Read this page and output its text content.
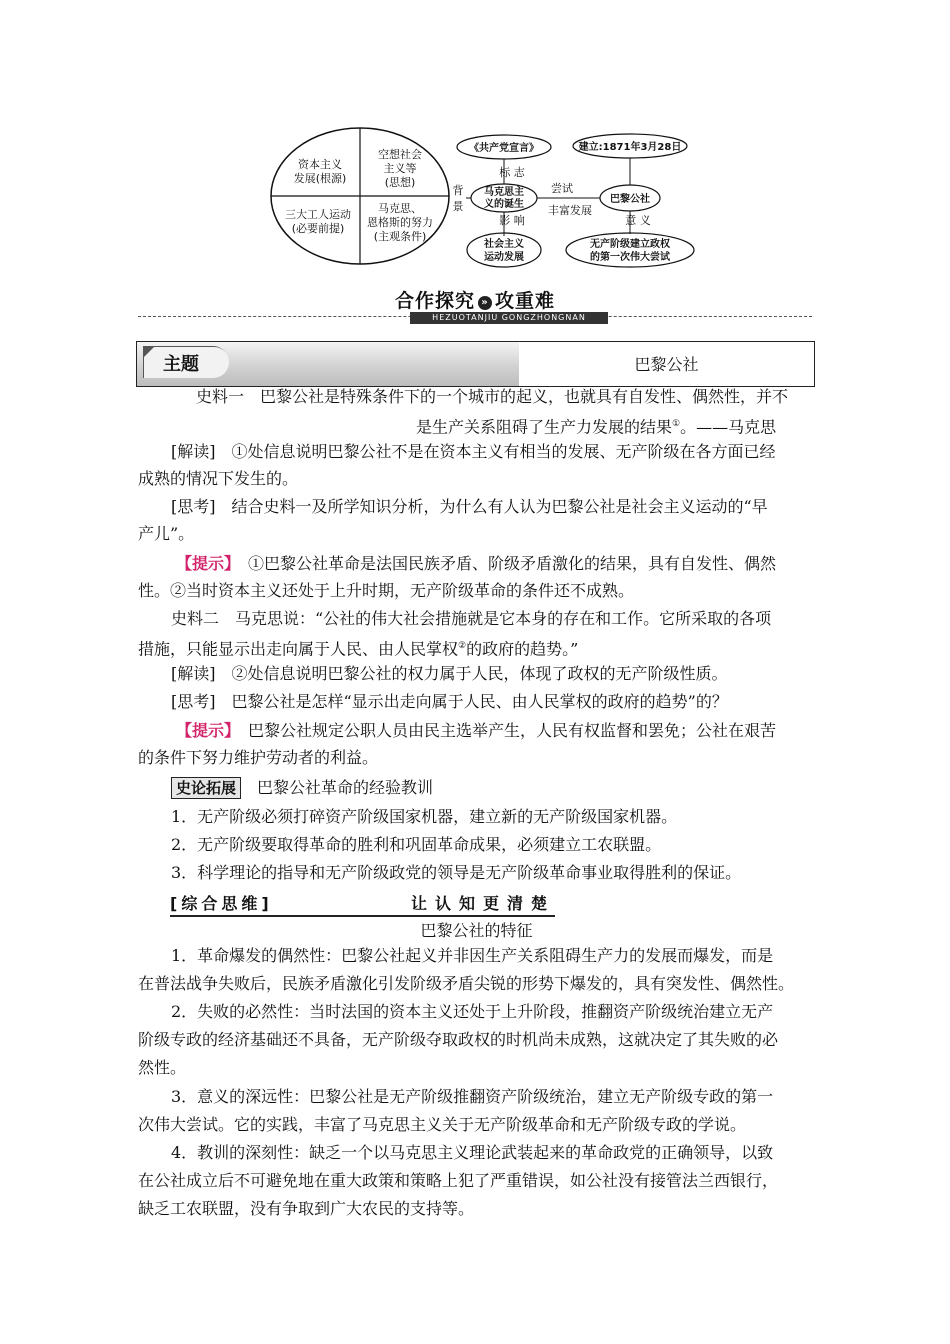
资本主义
发展(根源)
空想社会
主义等
(思想)
三大工人运动
(必要前提)
马克思、
恩格斯的努力
(主观条件)
背
景
《共产党宣言》
标 志
马克思主
义的诞生
影 响
社会主义
运动发展
尝试
丰富发展
巴黎公社
建立:1871年3月28日
意 义
无产阶级建立政权
的第一次伟大尝试
合作探究 » 攻重难
HEZUOTANJIU GONGZHONGNAN
主题	巴黎公社
史料一　巴黎公社是特殊条件下的一个城市的起义，也就具有自发性、偶然性，并不
是生产关系阻碍了生产力发展的结果①。——马克思
[解读]　①处信息说明巴黎公社不是在资本主义有相当的发展、无产阶级在各方面已经
成熟的情况下发生的。
[思考]　结合史料一及所学知识分析，为什么有人认为巴黎公社是社会主义运动的“早
产儿”。
【提示】　①巴黎公社革命是法国民族矛盾、阶级矛盾激化的结果，具有自发性、偶然
性。②当时资本主义还处于上升时期，无产阶级革命的条件还不成熟。
史料二　马克思说：“公社的伟大社会措施就是它本身的存在和工作。它所采取的各项
措施，只能显示出走向属于人民、由人民掌权②的政府的趋势。”
[解读]　②处信息说明巴黎公社的权力属于人民，体现了政权的无产阶级性质。
[思考]　巴黎公社是怎样“显示出走向属于人民、由人民掌权的政府的趋势”的？
【提示】　巴黎公社规定公职人员由民主选举产生，人民有权监督和罢免；公社在艰苦
的条件下努力维护劳动者的利益。
史论拓展　 巴黎公社革命的经验教训
1．无产阶级必须打碎资产阶级国家机器，建立新的无产阶级国家机器。
2．无产阶级要取得革命的胜利和巩固革命成果，必须建立工农联盟。
3．科学理论的指导和无产阶级政党的领导是无产阶级革命事业取得胜利的保证。
[综合思维]	让认知更清楚
巴黎公社的特征
1．革命爆发的偶然性：巴黎公社起义并非因生产关系阻碍生产力的发展而爆发，而是
在普法战争失败后，民族矛盾激化引发阶级矛盾尖锐的形势下爆发的，具有突发性、偶然性。
2．失败的必然性：当时法国的资本主义还处于上升阶段，推翻资产阶级统治建立无产
阶级专政的经济基础还不具备，无产阶级夺取政权的时机尚未成熟，这就决定了其失败的必
然性。
3．意义的深远性：巴黎公社是无产阶级推翻资产阶级统治，建立无产阶级专政的第一
次伟大尝试。它的实践，丰富了马克思主义关于无产阶级革命和无产阶级专政的学说。
4．教训的深刻性：缺乏一个以马克思主义理论武装起来的革命政党的正确领导，以致
在公社成立后不可避免地在重大政策和策略上犯了严重错误，如公社没有接管法兰西银行，
缺乏工农联盟，没有争取到广大农民的支持等。
